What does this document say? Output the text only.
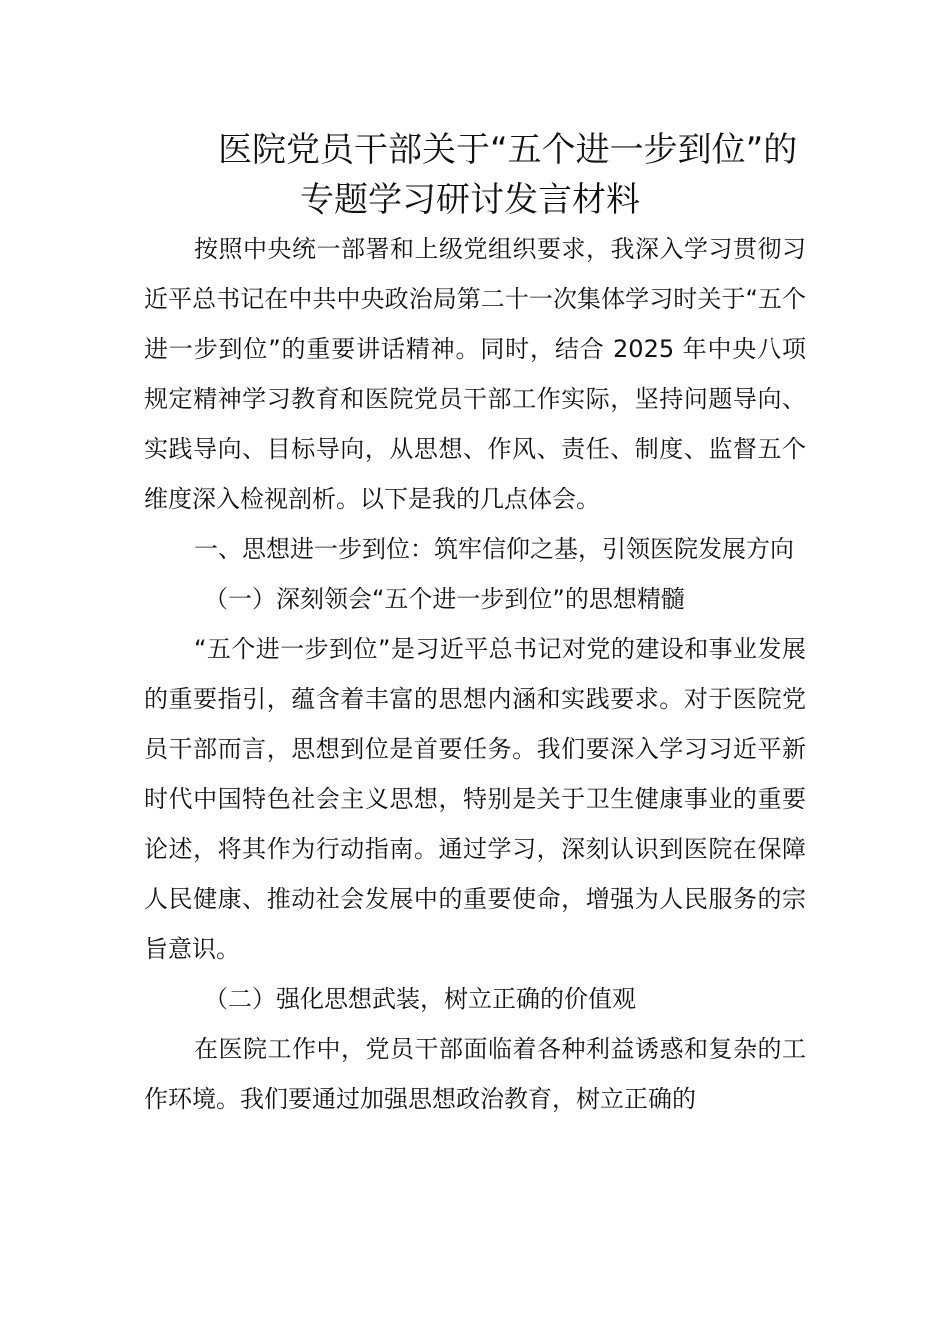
医院党员干部关于“五个进一步到位”的
专题学习研讨发言材料

按照中央统一部署和上级党组织要求，我深入学习贯彻习近平总书记在中共中央政治局第二十一次集体学习时关于“五个进一步到位”的重要讲话精神。同时，结合 2025 年中央八项规定精神学习教育和医院党员干部工作实际，坚持问题导向、实践导向、目标导向，从思想、作风、责任、制度、监督五个维度深入检视剖析。以下是我的几点体会。

一、思想进一步到位：筑牢信仰之基，引领医院发展方向

（一）深刻领会“五个进一步到位”的思想精髓

“五个进一步到位”是习近平总书记对党的建设和事业发展的重要指引，蕴含着丰富的思想内涵和实践要求。对于医院党员干部而言，思想到位是首要任务。我们要深入学习习近平新时代中国特色社会主义思想，特别是关于卫生健康事业的重要论述，将其作为行动指南。通过学习，深刻认识到医院在保障人民健康、推动社会发展中的重要使命，增强为人民服务的宗旨意识。

（二）强化思想武装，树立正确的价值观

在医院工作中，党员干部面临着各种利益诱惑和复杂的工作环境。我们要通过加强思想政治教育，树立正确的
